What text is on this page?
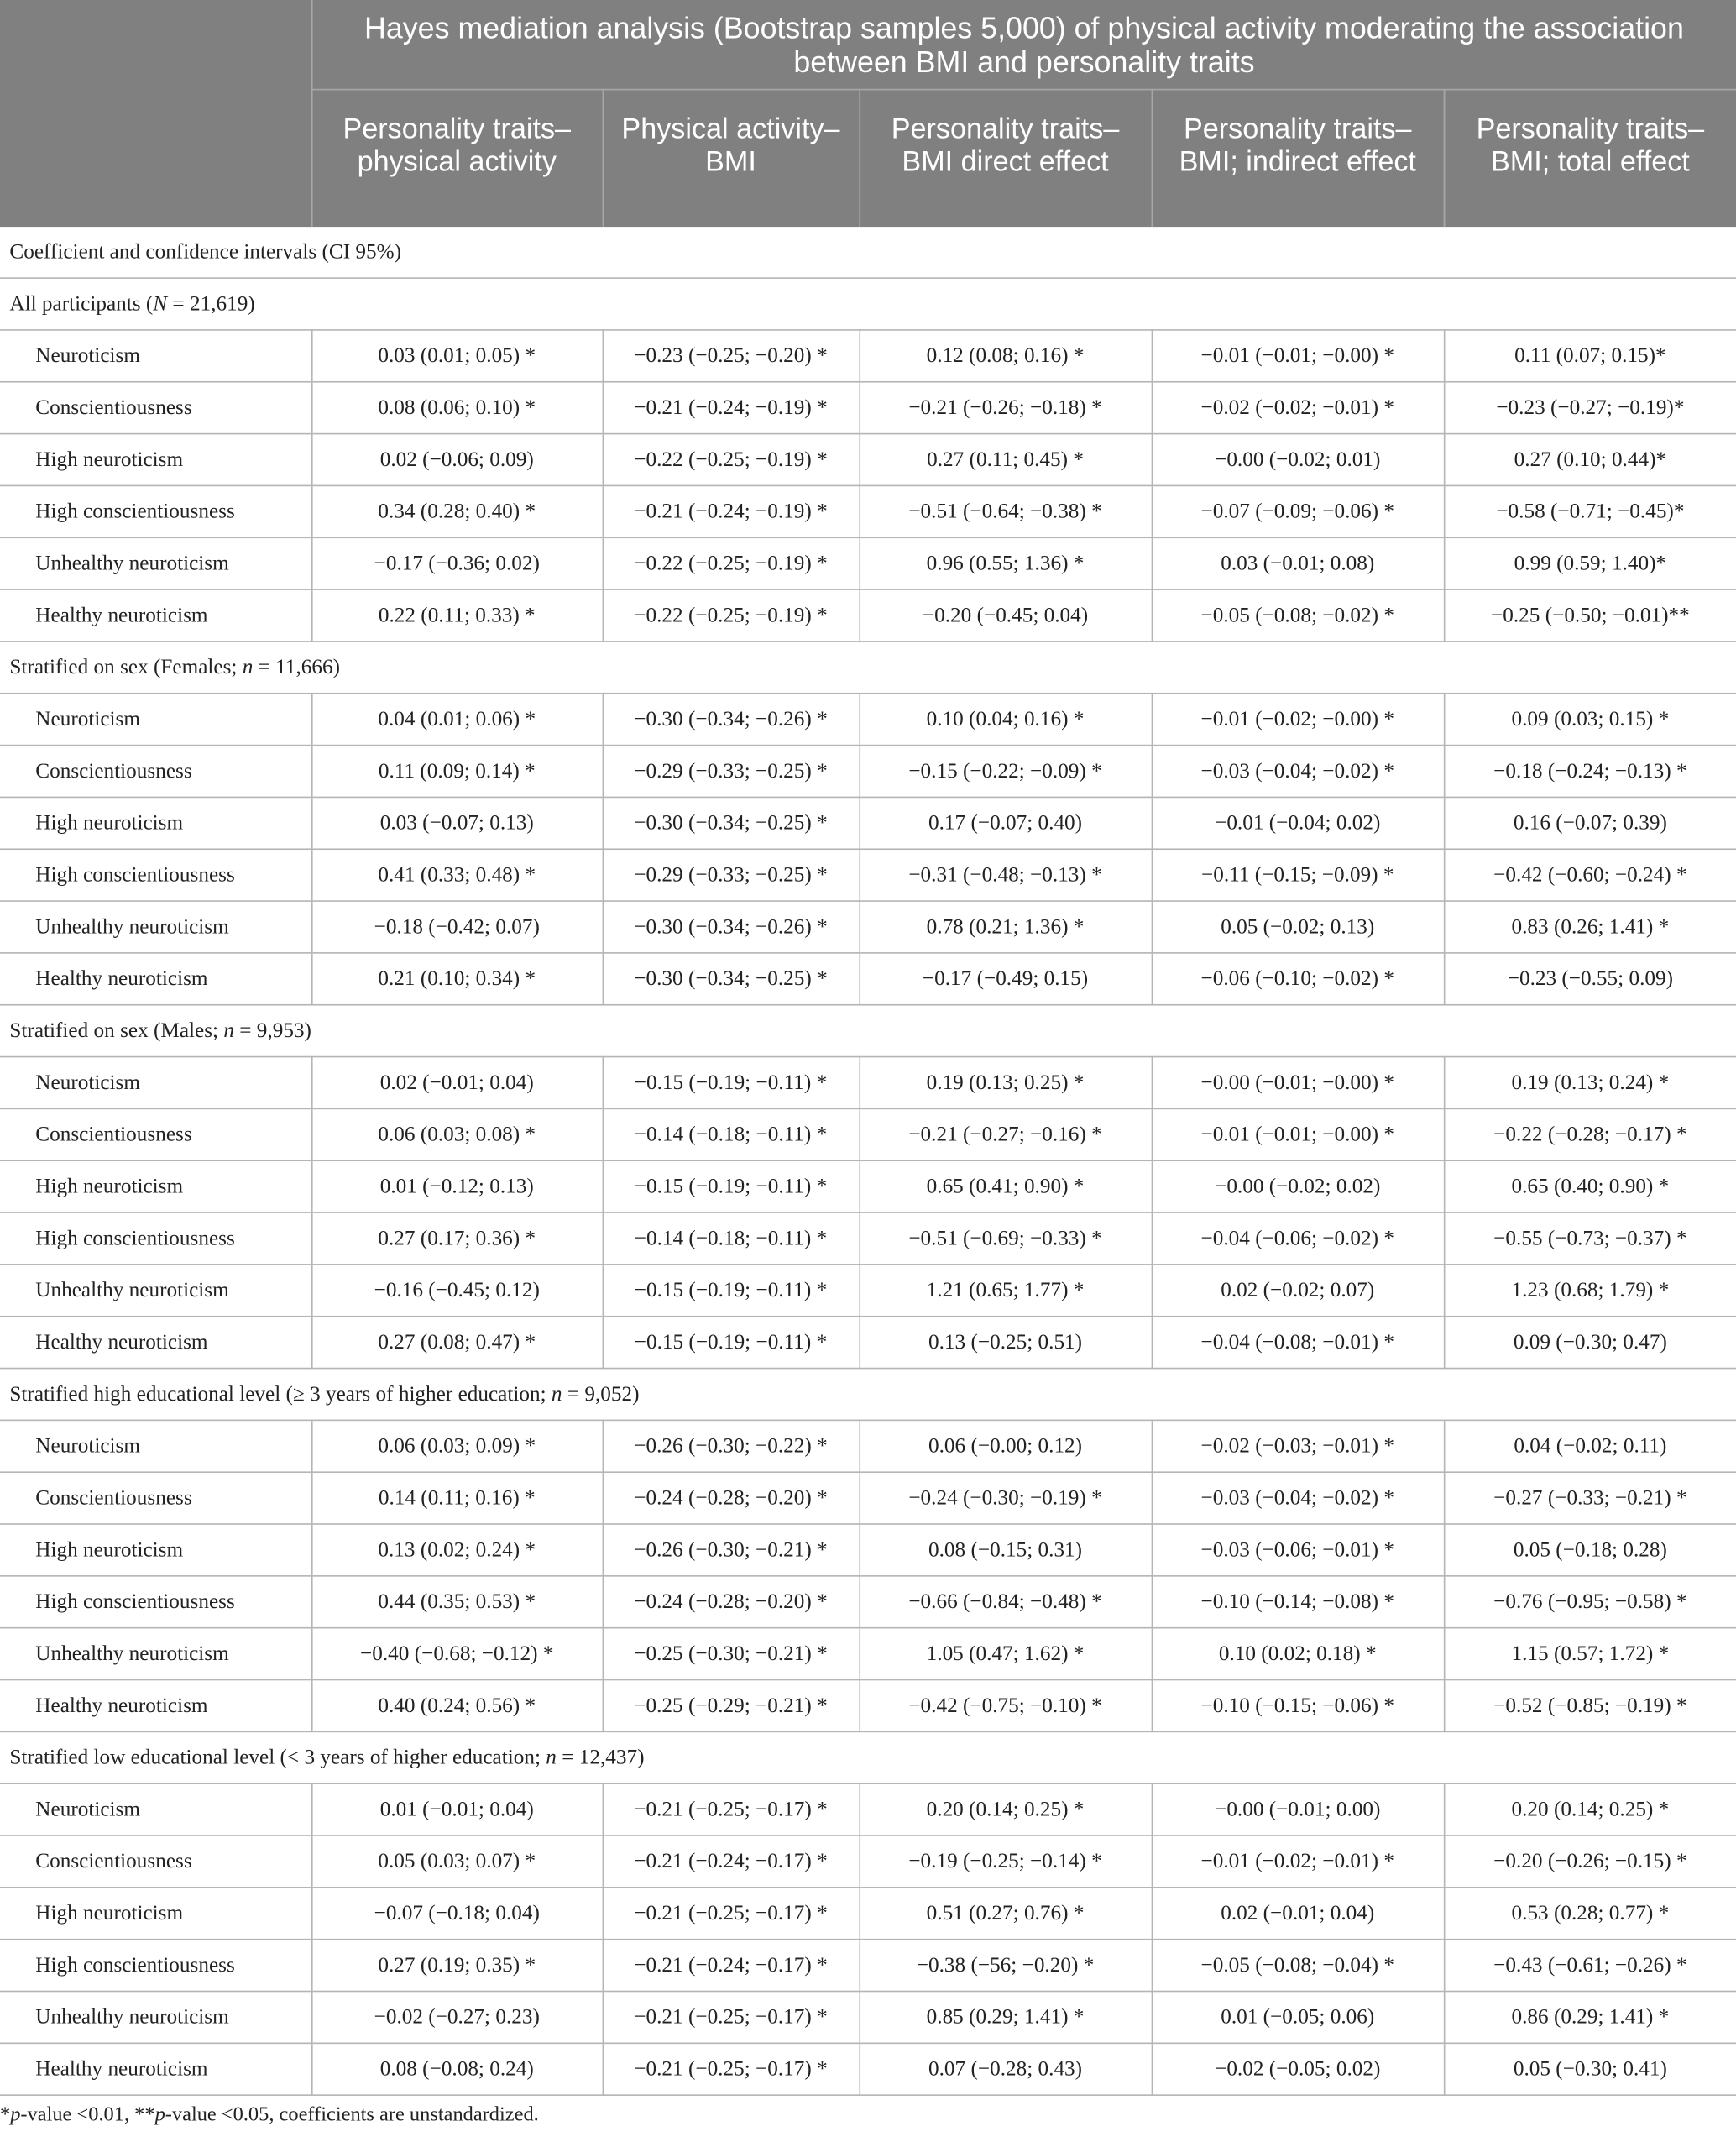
	Hayes mediation analysis (Bootstrap samples 5,000) of physical activity moderating the association between BMI and personality traits				
	Personality traits– physical activity	Physical activity–BMI	Personality traits– BMI direct effect	Personality traits– BMI; indirect effect	Personality traits– BMI; total effect
Coefficient and confidence intervals (CI 95%)					
All participants (N = 21,619)					
Neuroticism	0.03 (0.01; 0.05) *	−0.23 (−0.25; −0.20) *	0.12 (0.08; 0.16) *	−0.01 (−0.01; −0.00) *	0.11 (0.07; 0.15)*
Conscientiousness	0.08 (0.06; 0.10) *	−0.21 (−0.24; −0.19) *	−0.21 (−0.26; −0.18) *	−0.02 (−0.02; −0.01) *	−0.23 (−0.27; −0.19)*
High neuroticism	0.02 (−0.06; 0.09)	−0.22 (−0.25; −0.19) *	0.27 (0.11; 0.45) *	−0.00 (−0.02; 0.01)	0.27 (0.10; 0.44)*
High conscientiousness	0.34 (0.28; 0.40) *	−0.21 (−0.24; −0.19) *	−0.51 (−0.64; −0.38) *	−0.07 (−0.09; −0.06) *	−0.58 (−0.71; −0.45)*
Unhealthy neuroticism	−0.17 (−0.36; 0.02)	−0.22 (−0.25; −0.19) *	0.96 (0.55; 1.36) *	0.03 (−0.01; 0.08)	0.99 (0.59; 1.40)*
Healthy neuroticism	0.22 (0.11; 0.33) *	−0.22 (−0.25; −0.19) *	−0.20 (−0.45; 0.04)	−0.05 (−0.08; −0.02) *	−0.25 (−0.50; −0.01)**
Stratified on sex (Females; n = 11,666)					
Neuroticism	0.04 (0.01; 0.06) *	−0.30 (−0.34; −0.26) *	0.10 (0.04; 0.16) *	−0.01 (−0.02; −0.00) *	0.09 (0.03; 0.15) *
Conscientiousness	0.11 (0.09; 0.14) *	−0.29 (−0.33; −0.25) *	−0.15 (−0.22; −0.09) *	−0.03 (−0.04; −0.02) *	−0.18 (−0.24; −0.13) *
High neuroticism	0.03 (−0.07; 0.13)	−0.30 (−0.34; −0.25) *	0.17 (−0.07; 0.40)	−0.01 (−0.04; 0.02)	0.16 (−0.07; 0.39)
High conscientiousness	0.41 (0.33; 0.48) *	−0.29 (−0.33; −0.25) *	−0.31 (−0.48; −0.13) *	−0.11 (−0.15; −0.09) *	−0.42 (−0.60; −0.24) *
Unhealthy neuroticism	−0.18 (−0.42; 0.07)	−0.30 (−0.34; −0.26) *	0.78 (0.21; 1.36) *	0.05 (−0.02; 0.13)	0.83 (0.26; 1.41) *
Healthy neuroticism	0.21 (0.10; 0.34) *	−0.30 (−0.34; −0.25) *	−0.17 (−0.49; 0.15)	−0.06 (−0.10; −0.02) *	−0.23 (−0.55; 0.09)
Stratified on sex (Males; n = 9,953)					
Neuroticism	0.02 (−0.01; 0.04)	−0.15 (−0.19; −0.11) *	0.19 (0.13; 0.25) *	−0.00 (−0.01; −0.00) *	0.19 (0.13; 0.24) *
Conscientiousness	0.06 (0.03; 0.08) *	−0.14 (−0.18; −0.11) *	−0.21 (−0.27; −0.16) *	−0.01 (−0.01; −0.00) *	−0.22 (−0.28; −0.17) *
High neuroticism	0.01 (−0.12; 0.13)	−0.15 (−0.19; −0.11) *	0.65 (0.41; 0.90) *	−0.00 (−0.02; 0.02)	0.65 (0.40; 0.90) *
High conscientiousness	0.27 (0.17; 0.36) *	−0.14 (−0.18; −0.11) *	−0.51 (−0.69; −0.33) *	−0.04 (−0.06; −0.02) *	−0.55 (−0.73; −0.37) *
Unhealthy neuroticism	−0.16 (−0.45; 0.12)	−0.15 (−0.19; −0.11) *	1.21 (0.65; 1.77) *	0.02 (−0.02; 0.07)	1.23 (0.68; 1.79) *
Healthy neuroticism	0.27 (0.08; 0.47) *	−0.15 (−0.19; −0.11) *	0.13 (−0.25; 0.51)	−0.04 (−0.08; −0.01) *	0.09 (−0.30; 0.47)
Stratified high educational level (≥ 3 years of higher education; n = 9,052)					
Neuroticism	0.06 (0.03; 0.09) *	−0.26 (−0.30; −0.22) *	0.06 (−0.00; 0.12)	−0.02 (−0.03; −0.01) *	0.04 (−0.02; 0.11)
Conscientiousness	0.14 (0.11; 0.16) *	−0.24 (−0.28; −0.20) *	−0.24 (−0.30; −0.19) *	−0.03 (−0.04; −0.02) *	−0.27 (−0.33; −0.21) *
High neuroticism	0.13 (0.02; 0.24) *	−0.26 (−0.30; −0.21) *	0.08 (−0.15; 0.31)	−0.03 (−0.06; −0.01) *	0.05 (−0.18; 0.28)
High conscientiousness	0.44 (0.35; 0.53) *	−0.24 (−0.28; −0.20) *	−0.66 (−0.84; −0.48) *	−0.10 (−0.14; −0.08) *	−0.76 (−0.95; −0.58) *
Unhealthy neuroticism	−0.40 (−0.68; −0.12) *	−0.25 (−0.30; −0.21) *	1.05 (0.47; 1.62) *	0.10 (0.02; 0.18) *	1.15 (0.57; 1.72) *
Healthy neuroticism	0.40 (0.24; 0.56) *	−0.25 (−0.29; −0.21) *	−0.42 (−0.75; −0.10) *	−0.10 (−0.15; −0.06) *	−0.52 (−0.85; −0.19) *
Stratified low educational level (< 3 years of higher education; n = 12,437)					
Neuroticism	0.01 (−0.01; 0.04)	−0.21 (−0.25; −0.17) *	0.20 (0.14; 0.25) *	−0.00 (−0.01; 0.00)	0.20 (0.14; 0.25) *
Conscientiousness	0.05 (0.03; 0.07) *	−0.21 (−0.24; −0.17) *	−0.19 (−0.25; −0.14) *	−0.01 (−0.02; −0.01) *	−0.20 (−0.26; −0.15) *
High neuroticism	−0.07 (−0.18; 0.04)	−0.21 (−0.25; −0.17) *	0.51 (0.27; 0.76) *	0.02 (−0.01; 0.04)	0.53 (0.28; 0.77) *
High conscientiousness	0.27 (0.19; 0.35) *	−0.21 (−0.24; −0.17) *	−0.38 (−56; −0.20) *	−0.05 (−0.08; −0.04) *	−0.43 (−0.61; −0.26) *
Unhealthy neuroticism	−0.02 (−0.27; 0.23)	−0.21 (−0.25; −0.17) *	0.85 (0.29; 1.41) *	0.01 (−0.05; 0.06)	0.86 (0.29; 1.41) *
Healthy neuroticism	0.08 (−0.08; 0.24)	−0.21 (−0.25; −0.17) *	0.07 (−0.28; 0.43)	−0.02 (−0.05; 0.02)	0.05 (−0.30; 0.41)

*p-value <0.01, **p-value <0.05, coefficients are unstandardized.
